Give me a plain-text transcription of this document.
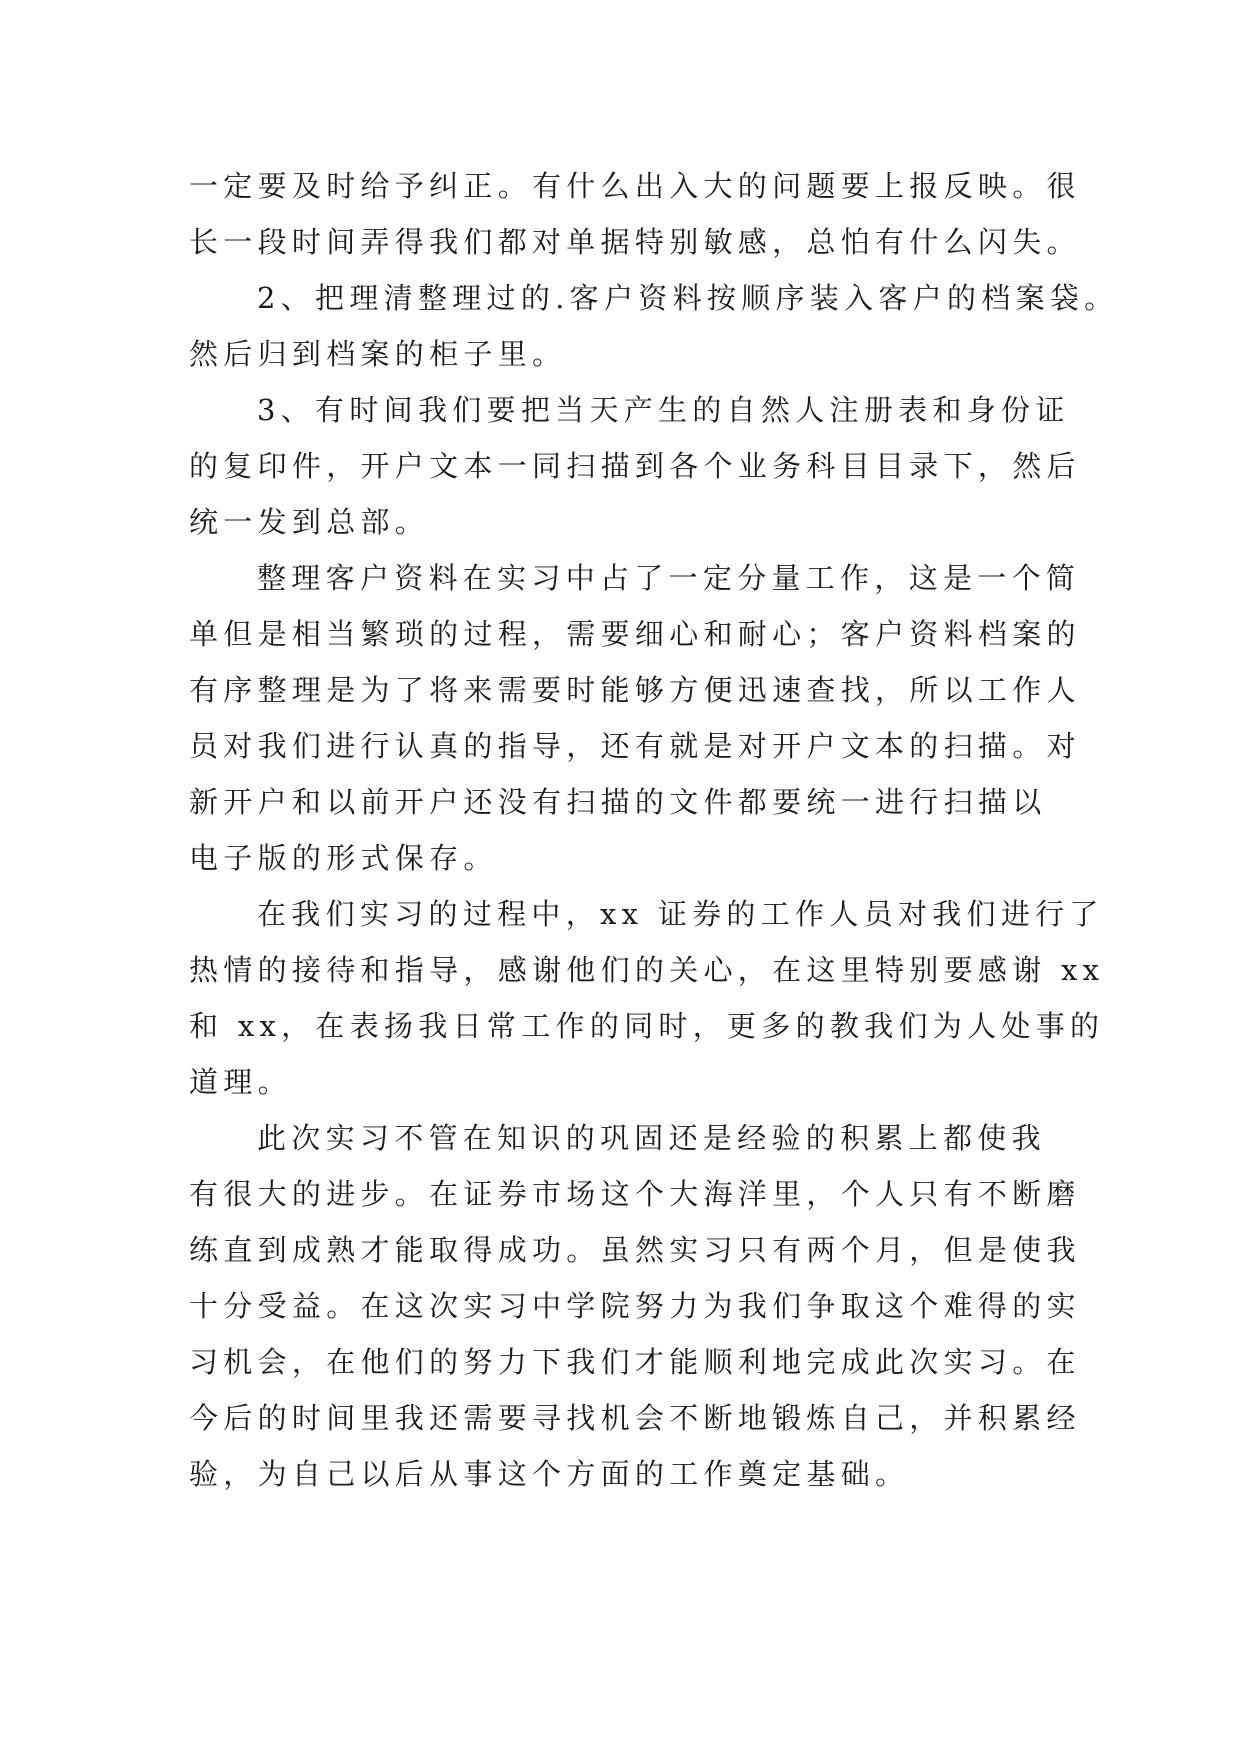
一定要及时给予纠正。有什么出入大的问题要上报反映。很
长一段时间弄得我们都对单据特别敏感，总怕有什么闪失。
2、把理清整理过的.客户资料按顺序装入客户的档案袋。
然后归到档案的柜子里。
3、有时间我们要把当天产生的自然人注册表和身份证
的复印件，开户文本一同扫描到各个业务科目目录下，然后
统一发到总部。
整理客户资料在实习中占了一定分量工作，这是一个简
单但是相当繁琐的过程，需要细心和耐心；客户资料档案的
有序整理是为了将来需要时能够方便迅速查找，所以工作人
员对我们进行认真的指导，还有就是对开户文本的扫描。对
新开户和以前开户还没有扫描的文件都要统一进行扫描以
电子版的形式保存。
在我们实习的过程中，xx 证券的工作人员对我们进行了
热情的接待和指导，感谢他们的关心，在这里特别要感谢 xx
和 xx，在表扬我日常工作的同时，更多的教我们为人处事的
道理。
此次实习不管在知识的巩固还是经验的积累上都使我
有很大的进步。在证券市场这个大海洋里，个人只有不断磨
练直到成熟才能取得成功。虽然实习只有两个月，但是使我
十分受益。在这次实习中学院努力为我们争取这个难得的实
习机会，在他们的努力下我们才能顺利地完成此次实习。在
今后的时间里我还需要寻找机会不断地锻炼自己，并积累经
验，为自己以后从事这个方面的工作奠定基础。
